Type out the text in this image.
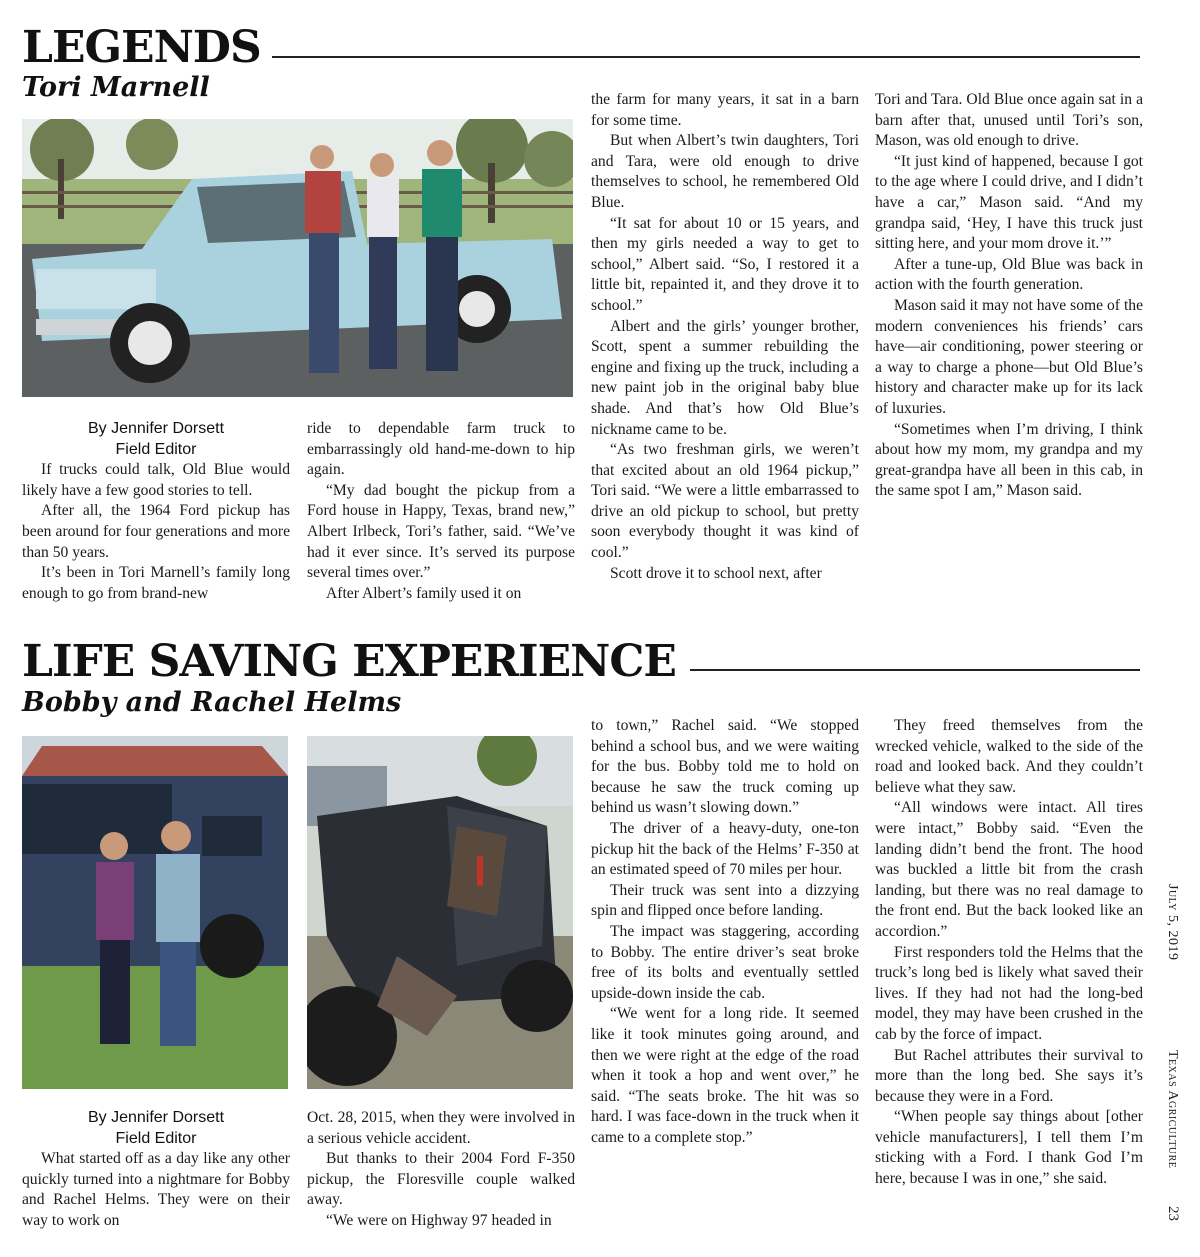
LEGENDS
Tori Marnell
By Jennifer Dorsett
Field Editor

If trucks could talk, Old Blue would likely have a few good stories to tell.

After all, the 1964 Ford pickup has been around for four generations and more than 50 years.

It’s been in Tori Marnell’s family long enough to go from brand-new

ride to dependable farm truck to embarrassingly old hand-me-down to hip again.

“My dad bought the pickup from a Ford house in Happy, Texas, brand new,” Albert Irlbeck, Tori’s father, said. “We’ve had it ever since. It’s served its purpose several times over.”

After Albert’s family used it on

the farm for many years, it sat in a barn for some time.

But when Albert’s twin daughters, Tori and Tara, were old enough to drive themselves to school, he remembered Old Blue.

“It sat for about 10 or 15 years, and then my girls needed a way to get to school,” Albert said. “So, I restored it a little bit, repainted it, and they drove it to school.”

Albert and the girls’ younger brother, Scott, spent a summer rebuilding the engine and fixing up the truck, including a new paint job in the original baby blue shade. And that’s how Old Blue’s nickname came to be.

“As two freshman girls, we weren’t that excited about an old 1964 pickup,” Tori said. “We were a little embarrassed to drive an old pickup to school, but pretty soon everybody thought it was kind of cool.”

Scott drove it to school next, after

Tori and Tara. Old Blue once again sat in a barn after that, unused until Tori’s son, Mason, was old enough to drive.

“It just kind of happened, because I got to the age where I could drive, and I didn’t have a car,” Mason said. “And my grandpa said, ‘Hey, I have this truck just sitting here, and your mom drove it.’”

After a tune-up, Old Blue was back in action with the fourth generation.

Mason said it may not have some of the modern conveniences his friends’ cars have—air conditioning, power steering or a way to charge a phone—but Old Blue’s history and character make up for its lack of luxuries.

“Sometimes when I’m driving, I think about how my mom, my grandpa and my great-grandpa have all been in this cab, in the same spot I am,” Mason said.

LIFE SAVING EXPERIENCE
Bobby and Rachel Helms
By Jennifer Dorsett
Field Editor

What started off as a day like any other quickly turned into a nightmare for Bobby and Rachel Helms. They were on their way to work on

Oct. 28, 2015, when they were involved in a serious vehicle accident.

But thanks to their 2004 Ford F-350 pickup, the Floresville couple walked away.

“We were on Highway 97 headed in

to town,” Rachel said. “We stopped behind a school bus, and we were waiting for the bus. Bobby told me to hold on because he saw the truck coming up behind us wasn’t slowing down.”

The driver of a heavy-duty, one-ton pickup hit the back of the Helms’ F-350 at an estimated speed of 70 miles per hour.

Their truck was sent into a dizzying spin and flipped once before landing.

The impact was staggering, according to Bobby. The entire driver’s seat broke free of its bolts and eventually settled upside-down inside the cab.

“We went for a long ride. It seemed like it took minutes going around, and then we were right at the edge of the road when it took a hop and went over,” he said. “The seats broke. The hit was so hard. I was face-down in the truck when it came to a complete stop.”

They freed themselves from the wrecked vehicle, walked to the side of the road and looked back. And they couldn’t believe what they saw.

“All windows were intact. All tires were intact,” Bobby said. “Even the landing didn’t bend the front. The hood was buckled a little bit from the crash landing, but there was no real damage to the front end. But the back looked like an accordion.”

First responders told the Helms that the truck’s long bed is likely what saved their lives. If they had not had the long-bed model, they may have been crushed in the cab by the force of impact.

But Rachel attributes their survival to more than the long bed. She says it’s because they were in a Ford.

“When people say things about [other vehicle manufacturers], I tell them I’m sticking with a Ford. I thank God I’m here, because I was in one,” she said.

July 5, 2019
Texas Agriculture
23
